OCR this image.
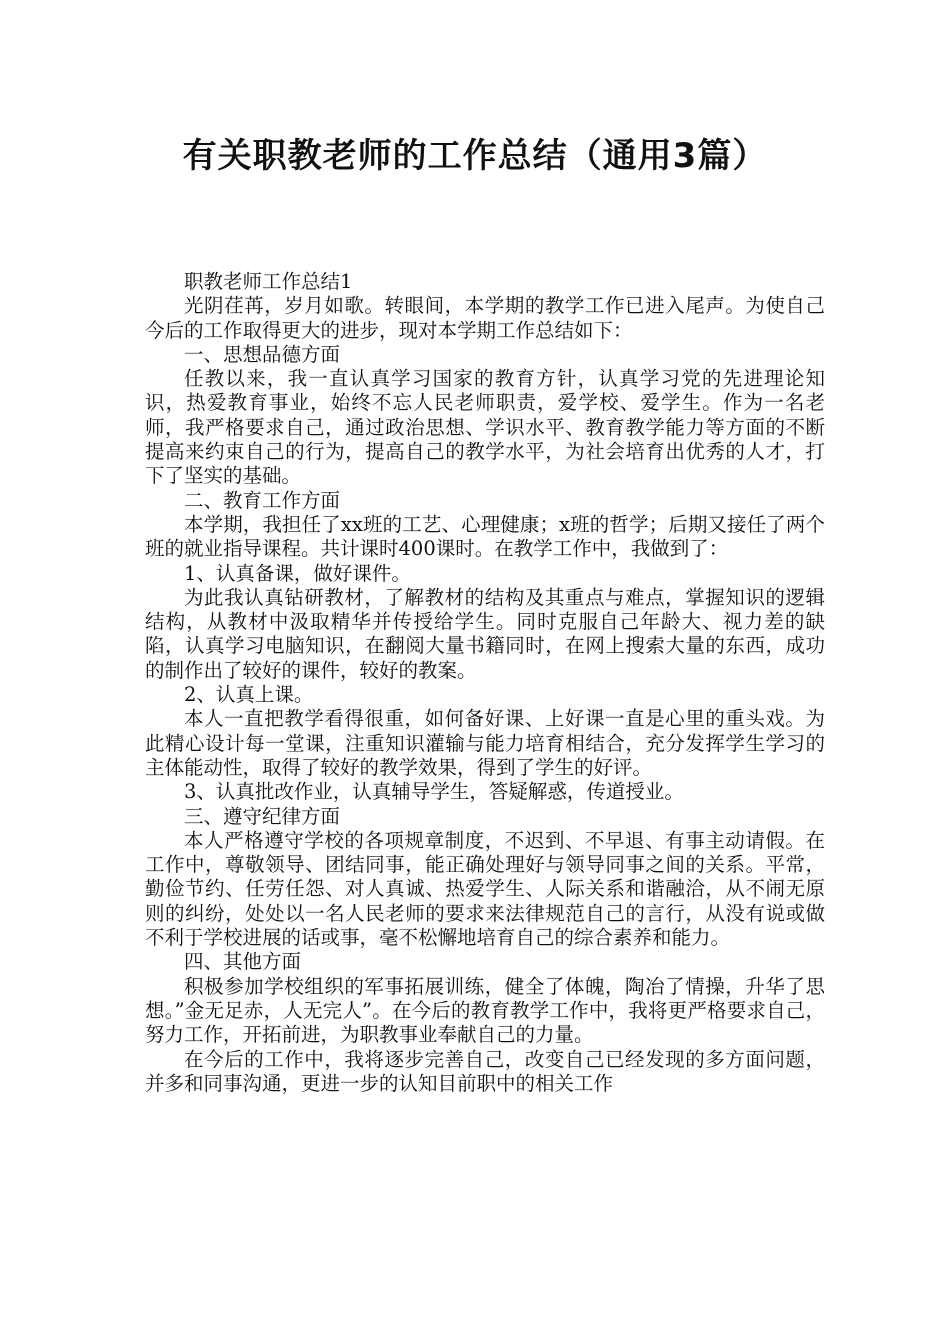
有关职教老师的工作总结（通用3篇）

职教老师工作总结1

光阴荏苒，岁月如歌。转眼间，本学期的教学工作已进入尾声。为使自己今后的工作取得更大的进步，现对本学期工作总结如下：

一、思想品德方面

任教以来，我一直认真学习国家的教育方针，认真学习党的先进理论知识，热爱教育事业，始终不忘人民老师职责，爱学校、爱学生。作为一名老师，我严格要求自己，通过政治思想、学识水平、教育教学能力等方面的不断提高来约束自己的行为，提高自己的教学水平，为社会培育出优秀的人才，打下了坚实的基础。

二、教育工作方面

本学期，我担任了xx班的工艺、心理健康；x班的哲学；后期又接任了两个班的就业指导课程。共计课时400课时。在教学工作中，我做到了：

1、认真备课，做好课件。

为此我认真钻研教材，了解教材的结构及其重点与难点，掌握知识的逻辑结构，从教材中汲取精华并传授给学生。同时克服自己年龄大、视力差的缺陷，认真学习电脑知识，在翻阅大量书籍同时，在网上搜索大量的东西，成功的制作出了较好的课件，较好的教案。

2、认真上课。

本人一直把教学看得很重，如何备好课、上好课一直是心里的重头戏。为此精心设计每一堂课，注重知识灌输与能力培育相结合，充分发挥学生学习的主体能动性，取得了较好的教学效果，得到了学生的好评。

3、认真批改作业，认真辅导学生，答疑解惑，传道授业。

三、遵守纪律方面

本人严格遵守学校的各项规章制度，不迟到、不早退、有事主动请假。在工作中，尊敬领导、团结同事，能正确处理好与领导同事之间的关系。平常，勤俭节约、任劳任怨、对人真诚、热爱学生、人际关系和谐融洽，从不闹无原则的纠纷，处处以一名人民老师的要求来法律规范自己的言行，从没有说或做不利于学校进展的话或事，毫不松懈地培育自己的综合素养和能力。

四、其他方面

积极参加学校组织的军事拓展训练，健全了体魄，陶冶了情操，升华了思想。”金无足赤，人无完人”。在今后的教育教学工作中，我将更严格要求自己，努力工作，开拓前进，为职教事业奉献自己的力量。

在今后的工作中，我将逐步完善自己，改变自己已经发现的多方面问题，并多和同事沟通，更进一步的认知目前职中的相关工作
